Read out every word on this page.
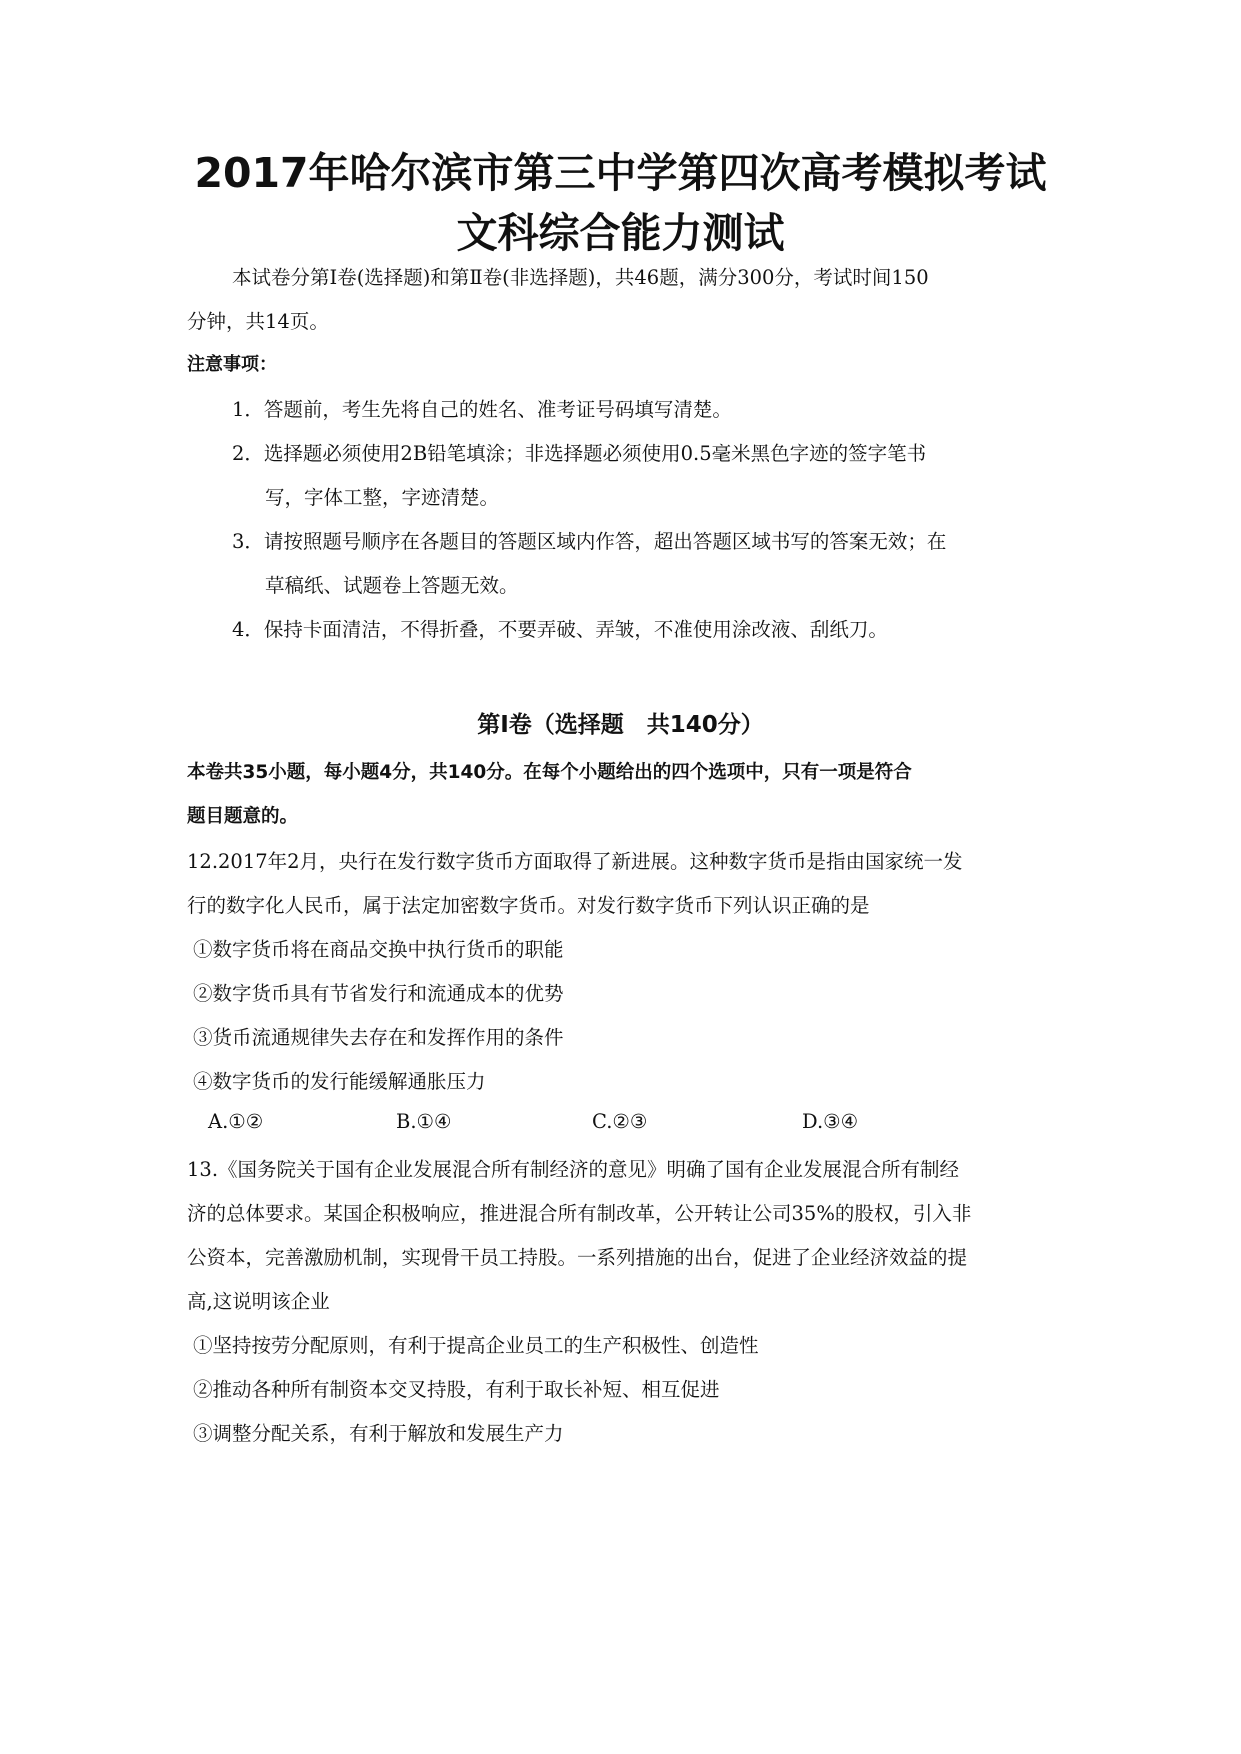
2017年哈尔滨市第三中学第四次高考模拟考试
文科综合能力测试
本试卷分第Ⅰ卷(选择题)和第Ⅱ卷(非选择题)，共46题，满分300分，考试时间150
分钟，共14页。
注意事项：
1．答题前，考生先将自己的姓名、准考证号码填写清楚。
2．选择题必须使用2B铅笔填涂；非选择题必须使用0.5毫米黑色字迹的签字笔书
写，字体工整，字迹清楚。
3．请按照题号顺序在各题目的答题区域内作答，超出答题区域书写的答案无效；在
草稿纸、试题卷上答题无效。
4．保持卡面清洁，不得折叠，不要弄破、弄皱，不准使用涂改液、刮纸刀。
第Ⅰ卷（选择题　共140分）
本卷共35小题，每小题4分，共140分。在每个小题给出的四个选项中，只有一项是符合
题目题意的。
12.2017年2月，央行在发行数字货币方面取得了新进展。这种数字货币是指由国家统一发
行的数字化人民币，属于法定加密数字货币。对发行数字货币下列认识正确的是
①数字货币将在商品交换中执行货币的职能
②数字货币具有节省发行和流通成本的优势
③货币流通规律失去存在和发挥作用的条件
④数字货币的发行能缓解通胀压力
A.①②	B.①④	C.②③	D.③④
13.《国务院关于国有企业发展混合所有制经济的意见》明确了国有企业发展混合所有制经
济的总体要求。某国企积极响应，推进混合所有制改革，公开转让公司35%的股权，引入非
公资本，完善激励机制，实现骨干员工持股。一系列措施的出台，促进了企业经济效益的提
高,这说明该企业
①坚持按劳分配原则，有利于提高企业员工的生产积极性、创造性
②推动各种所有制资本交叉持股，有利于取长补短、相互促进
③调整分配关系，有利于解放和发展生产力
